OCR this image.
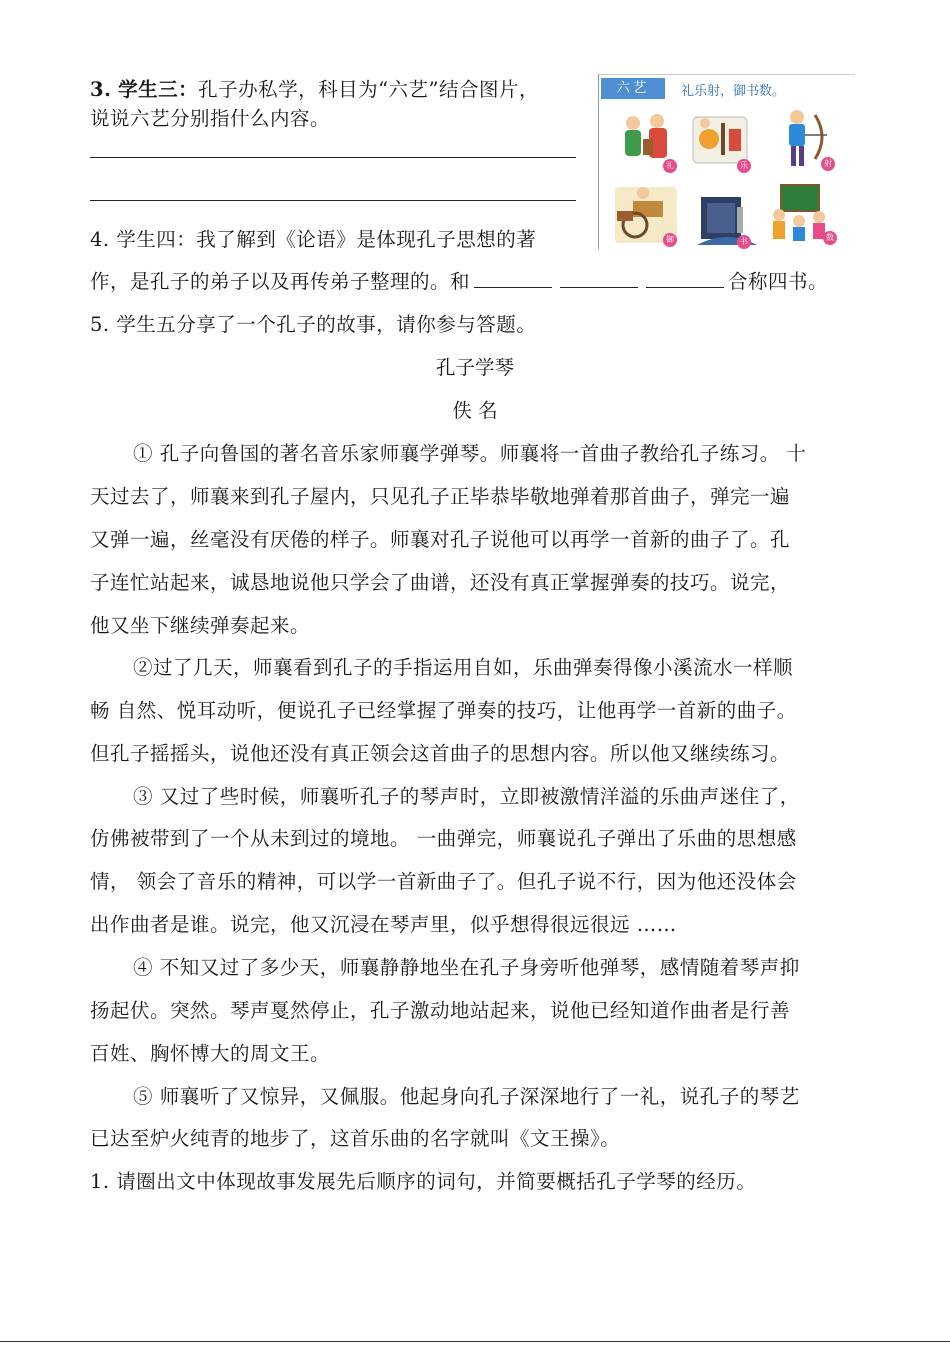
3. 学生三：孔子办私学，科目为“六艺”结合图片，
说说六艺分别指什么内容。
六艺	礼乐射，御书数。
礼	乐	射
御	书	数
4. 学生四：我了解到《论语》是体现孔子思想的著
作，是孔子的弟子以及再传弟子整理的。和	合称四书。
5. 学生五分享了一个孔子的故事，请你参与答题。
孔子学琴
佚 名
① 孔子向鲁国的著名音乐家师襄学弹琴。师襄将一首曲子教给孔子练习。 十
天过去了，师襄来到孔子屋内，只见孔子正毕恭毕敬地弹着那首曲子，弹完一遍
又弹一遍，丝毫没有厌倦的样子。师襄对孔子说他可以再学一首新的曲子了。孔
子连忙站起来，诚恳地说他只学会了曲谱，还没有真正掌握弹奏的技巧。说完，
他又坐下继续弹奏起来。
②过了几天，师襄看到孔子的手指运用自如，乐曲弹奏得像小溪流水一样顺
畅 自然、悦耳动听，便说孔子已经掌握了弹奏的技巧，让他再学一首新的曲子。
但孔子摇摇头，说他还没有真正领会这首曲子的思想内容。所以他又继续练习。
③ 又过了些时候，师襄听孔子的琴声时，立即被激情洋溢的乐曲声迷住了，
仿佛被带到了一个从未到过的境地。 一曲弹完，师襄说孔子弹出了乐曲的思想感
情， 领会了音乐的精神，可以学一首新曲子了。但孔子说不行，因为他还没体会
出作曲者是谁。说完，他又沉浸在琴声里，似乎想得很远很远 ……
④ 不知又过了多少天，师襄静静地坐在孔子身旁听他弹琴，感情随着琴声抑
扬起伏。突然。琴声戛然停止，孔子激动地站起来，说他已经知道作曲者是行善
百姓、胸怀博大的周文王。
⑤ 师襄听了又惊异，又佩服。他起身向孔子深深地行了一礼，说孔子的琴艺
已达至炉火纯青的地步了，这首乐曲的名字就叫《文王操》。
1. 请圈出文中体现故事发展先后顺序的词句，并简要概括孔子学琴的经历。
